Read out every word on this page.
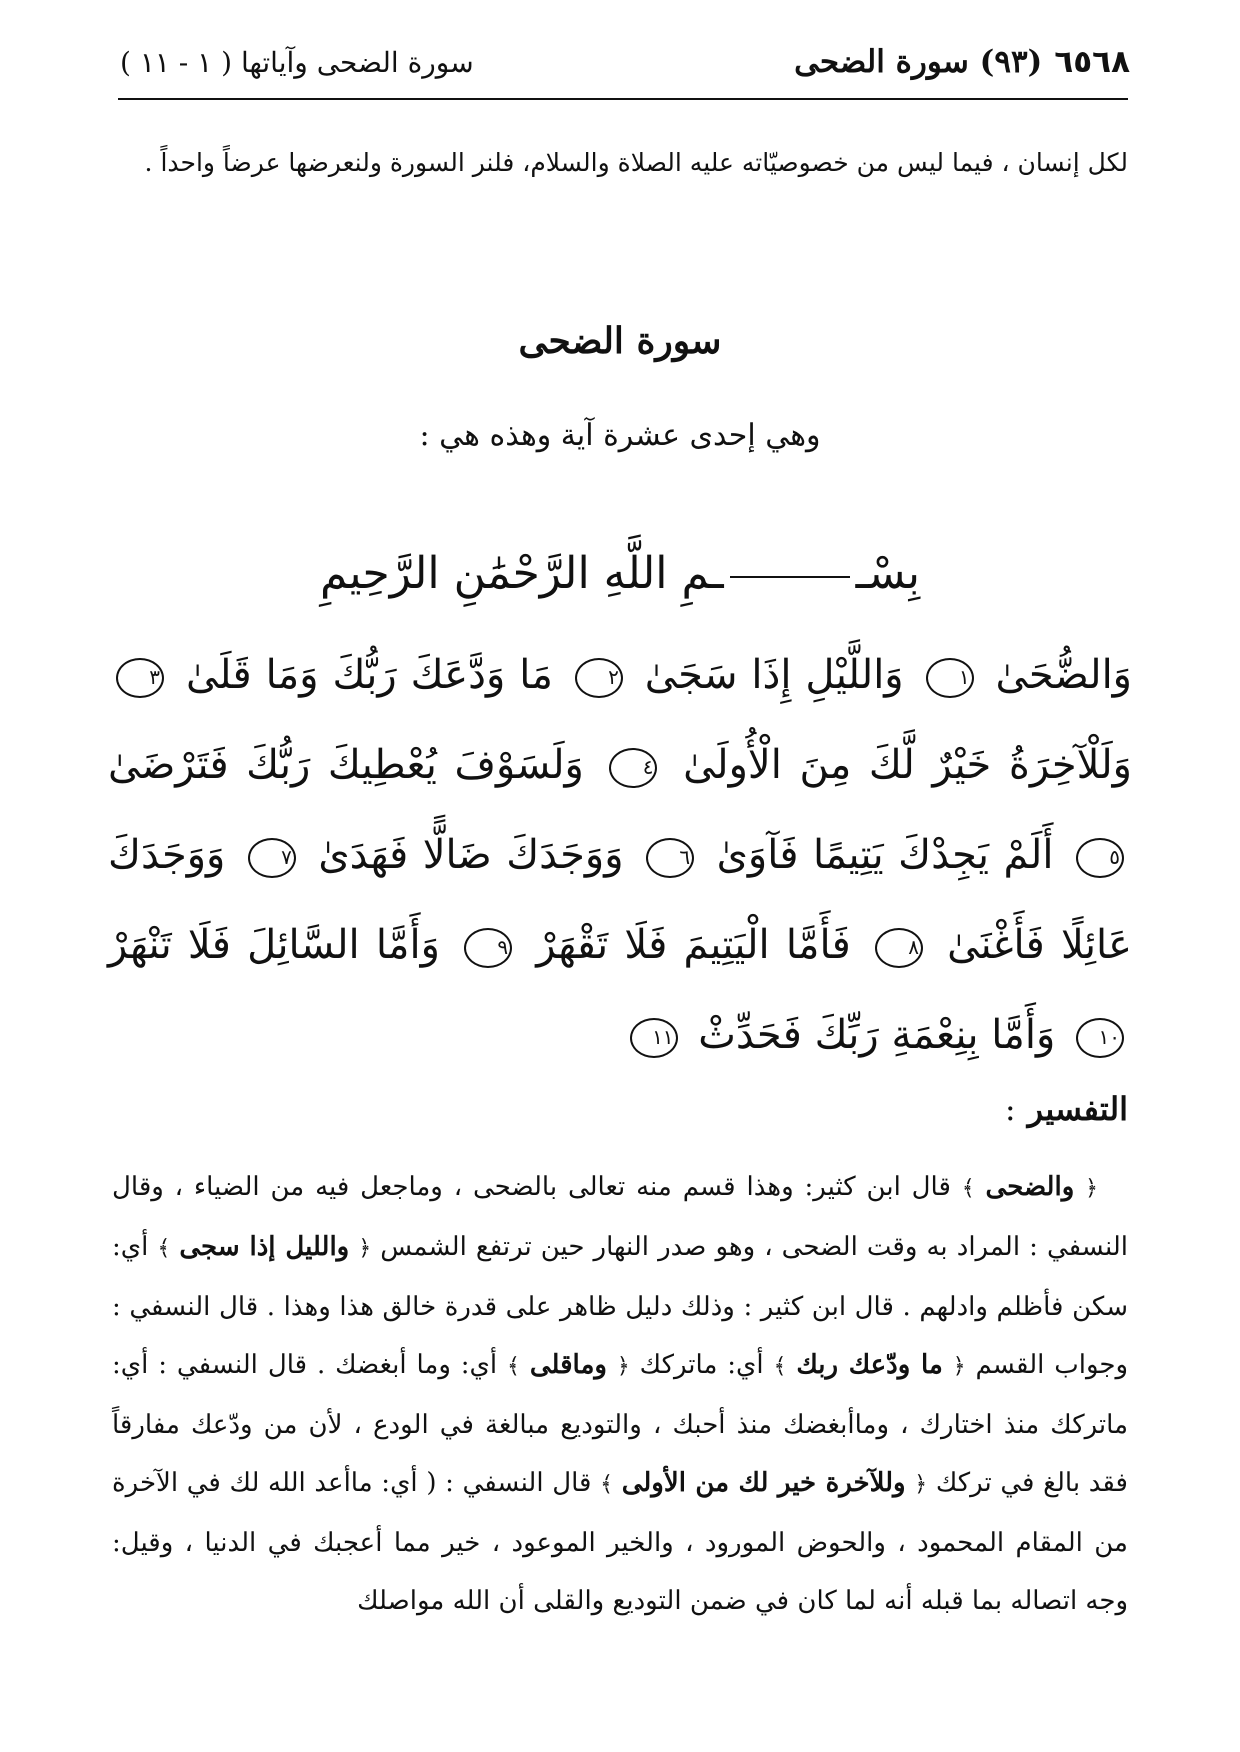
٦٥٦٨(٩٣) سورة الضحى
سورة الضحى وآياتها ( ١ - ١١ )
لكل إنسان ، فيما ليس من خصوصيّاته عليه الصلاة والسلام، فلنر السورة ولنعرضها عرضاً واحداً .
سورة الضحى
وهي إحدى عشرة آية وهذه هي :
بِسْــمِ اللَّهِ الرَّحْمَٰنِ الرَّحِيمِ
وَالضُّحَىٰ ١ وَاللَّيْلِ إِذَا سَجَىٰ ٢ مَا وَدَّعَكَ رَبُّكَ وَمَا قَلَىٰ ٣ وَلَلْآخِرَةُ خَيْرٌ لَّكَ مِنَ الْأُولَىٰ ٤ وَلَسَوْفَ يُعْطِيكَ رَبُّكَ فَتَرْضَىٰ ٥ أَلَمْ يَجِدْكَ يَتِيمًا فَآوَىٰ ٦ وَوَجَدَكَ ضَالًّا فَهَدَىٰ ٧ وَوَجَدَكَ عَائِلًا فَأَغْنَىٰ ٨ فَأَمَّا الْيَتِيمَ فَلَا تَقْهَرْ ٩ وَأَمَّا السَّائِلَ فَلَا تَنْهَرْ ١٠ وَأَمَّا بِنِعْمَةِ رَبِّكَ فَحَدِّثْ ١١
التفسير:

﴿ والضحى ﴾ قال ابن كثير: وهذا قسم منه تعالى بالضحى ، وماجعل فيه من الضياء ، وقال النسفي : المراد به وقت الضحى ، وهو صدر النهار حين ترتفع الشمس ﴿ والليل إذا سجى ﴾ أي: سكن فأظلم وادلهم . قال ابن كثير : وذلك دليل ظاهر على قدرة خالق هذا وهذا . قال النسفي : وجواب القسم ﴿ ما ودّعك ربك ﴾ أي: ماتركك ﴿ وماقلى ﴾ أي: وما أبغضك . قال النسفي : أي: ماتركك منذ اختارك ، وماأبغضك منذ أحبك ، والتوديع مبالغة في الودع ، لأن من ودّعك مفارقاً فقد بالغ في تركك ﴿ وللآخرة خير لك من الأولى ﴾ قال النسفي : ( أي: ماأعد الله لك في الآخرة من المقام المحمود ، والحوض المورود ، والخير الموعود ، خير مما أعجبك في الدنيا ، وقيل: وجه اتصاله بما قبله أنه لما كان في ضمن التوديع والقلى أن الله مواصلك
